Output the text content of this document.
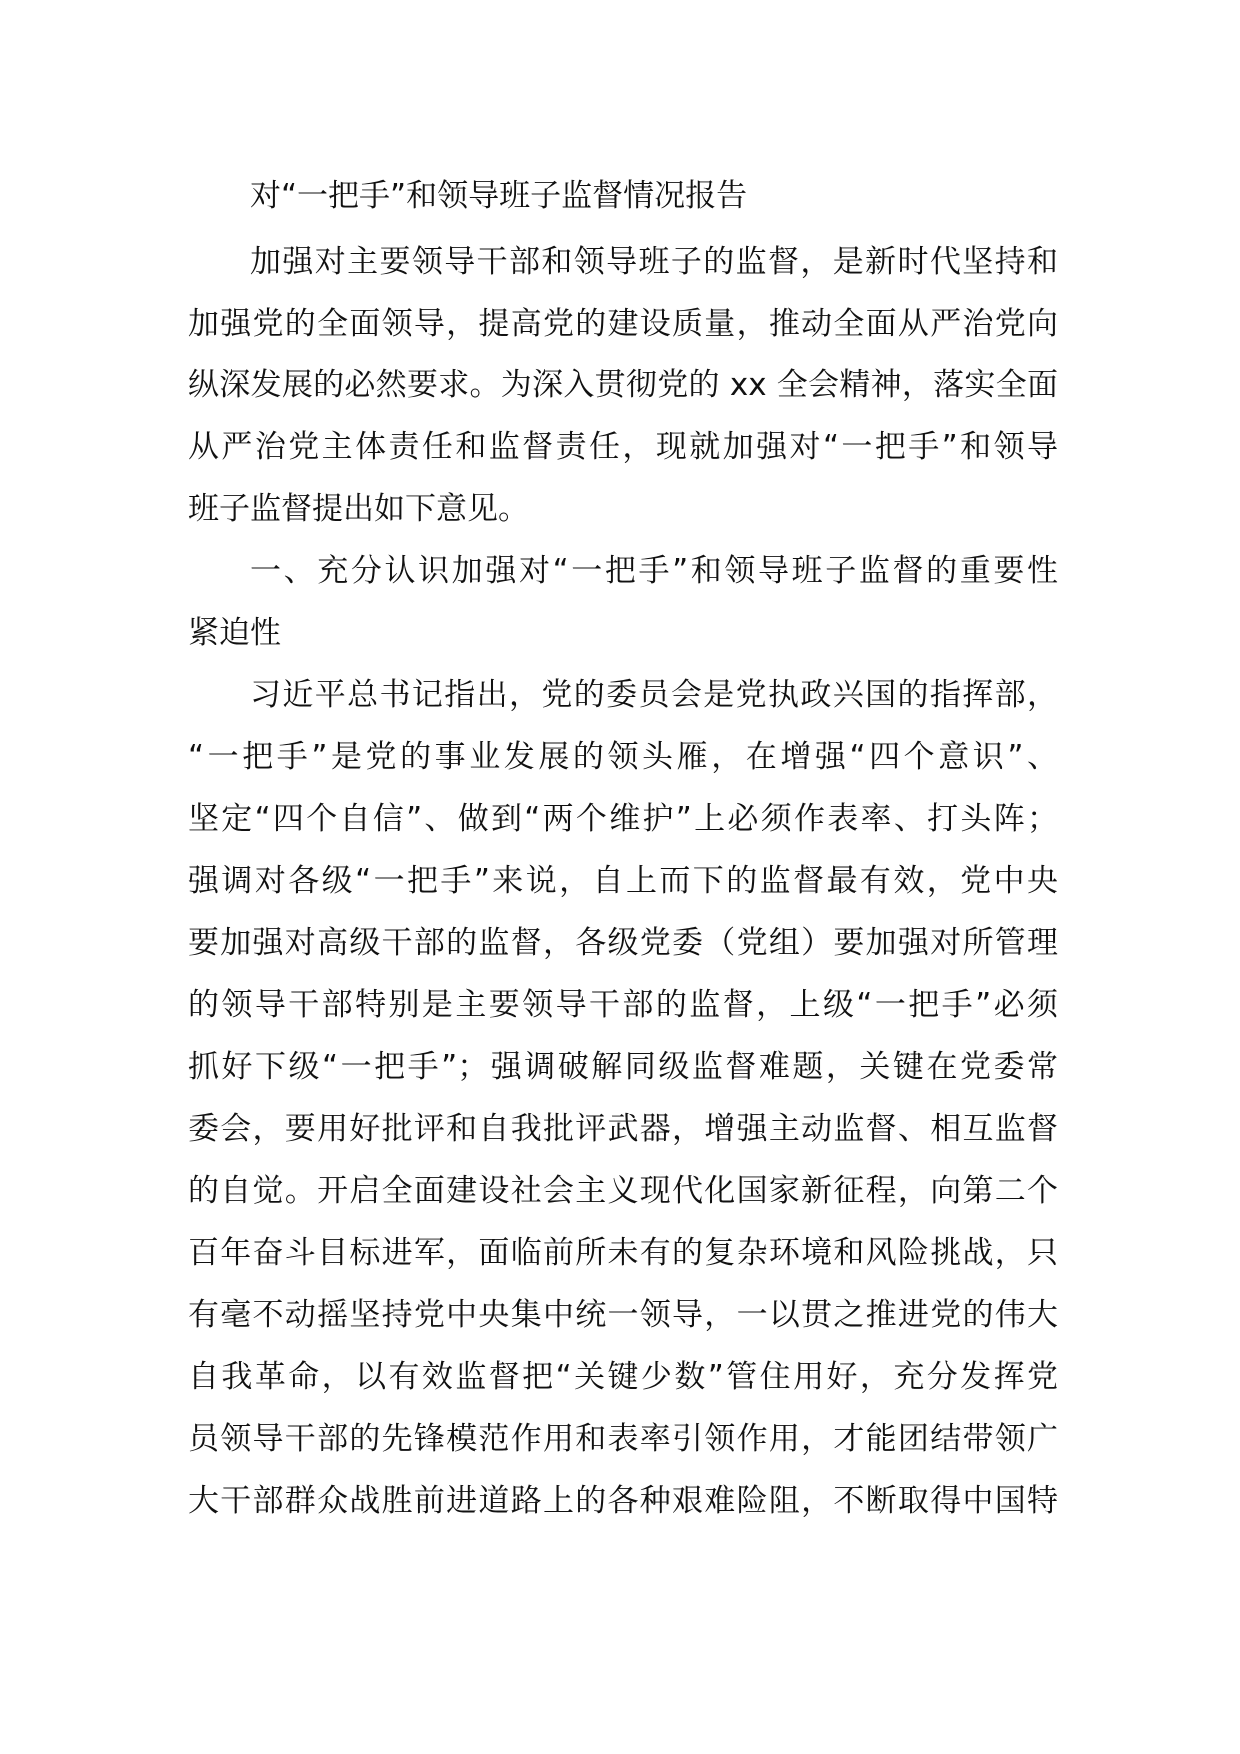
对“一把手”和领导班子监督情况报告
加强对主要领导干部和领导班子的监督，是新时代坚持和
加强党的全面领导，提高党的建设质量，推动全面从严治党向
纵深发展的必然要求。为深入贯彻党的 xx 全会精神，落实全面
从严治党主体责任和监督责任，现就加强对“一把手”和领导
班子监督提出如下意见。
一、充分认识加强对“一把手”和领导班子监督的重要性
紧迫性
习近平总书记指出，党的委员会是党执政兴国的指挥部，
“一把手”是党的事业发展的领头雁，在增强“四个意识”、
坚定“四个自信”、做到“两个维护”上必须作表率、打头阵；
强调对各级“一把手”来说，自上而下的监督最有效，党中央
要加强对高级干部的监督，各级党委（党组）要加强对所管理
的领导干部特别是主要领导干部的监督，上级“一把手”必须
抓好下级“一把手”；强调破解同级监督难题，关键在党委常
委会，要用好批评和自我批评武器，增强主动监督、相互监督
的自觉。开启全面建设社会主义现代化国家新征程，向第二个
百年奋斗目标进军，面临前所未有的复杂环境和风险挑战，只
有毫不动摇坚持党中央集中统一领导，一以贯之推进党的伟大
自我革命，以有效监督把“关键少数”管住用好，充分发挥党
员领导干部的先锋模范作用和表率引领作用，才能团结带领广
大干部群众战胜前进道路上的各种艰难险阻，不断取得中国特
